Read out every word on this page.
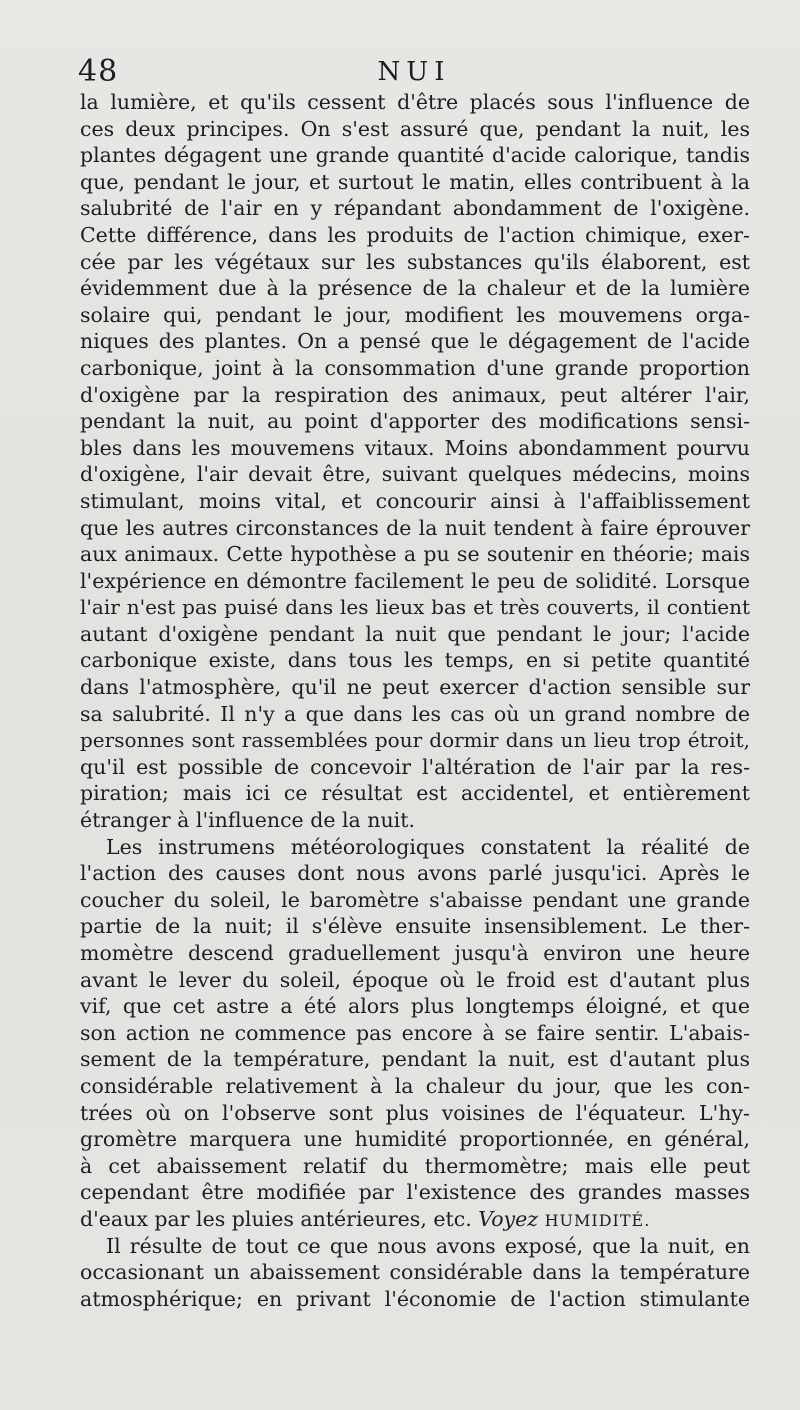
48	NUI
la lumière, et qu'ils cessent d'être placés sous l'influence de
ces deux principes. On s'est assuré que, pendant la nuit, les
plantes dégagent une grande quantité d'acide calorique, tandis
que, pendant le jour, et surtout le matin, elles contribuent à la
salubrité de l'air en y répandant abondamment de l'oxigène.
Cette différence, dans les produits de l'action chimique, exer-
cée par les végétaux sur les substances qu'ils élaborent, est
évidemment due à la présence de la chaleur et de la lumière
solaire qui, pendant le jour, modifient les mouvemens orga-
niques des plantes. On a pensé que le dégagement de l'acide
carbonique, joint à la consommation d'une grande proportion
d'oxigène par la respiration des animaux, peut altérer l'air,
pendant la nuit, au point d'apporter des modifications sensi-
bles dans les mouvemens vitaux. Moins abondamment pourvu
d'oxigène, l'air devait être, suivant quelques médecins, moins
stimulant, moins vital, et concourir ainsi à l'affaiblissement
que les autres circonstances de la nuit tendent à faire éprouver
aux animaux. Cette hypothèse a pu se soutenir en théorie; mais
l'expérience en démontre facilement le peu de solidité. Lorsque
l'air n'est pas puisé dans les lieux bas et très couverts, il contient
autant d'oxigène pendant la nuit que pendant le jour; l'acide
carbonique existe, dans tous les temps, en si petite quantité
dans l'atmosphère, qu'il ne peut exercer d'action sensible sur
sa salubrité. Il n'y a que dans les cas où un grand nombre de
personnes sont rassemblées pour dormir dans un lieu trop étroit,
qu'il est possible de concevoir l'altération de l'air par la res-
piration; mais ici ce résultat est accidentel, et entièrement
étranger à l'influence de la nuit.
Les instrumens météorologiques constatent la réalité de
l'action des causes dont nous avons parlé jusqu'ici. Après le
coucher du soleil, le baromètre s'abaisse pendant une grande
partie de la nuit; il s'élève ensuite insensiblement. Le ther-
momètre descend graduellement jusqu'à environ une heure
avant le lever du soleil, époque où le froid est d'autant plus
vif, que cet astre a été alors plus longtemps éloigné, et que
son action ne commence pas encore à se faire sentir. L'abais-
sement de la température, pendant la nuit, est d'autant plus
considérable relativement à la chaleur du jour, que les con-
trées où on l'observe sont plus voisines de l'équateur. L'hy-
gromètre marquera une humidité proportionnée, en général,
à cet abaissement relatif du thermomètre; mais elle peut
cependant être modifiée par l'existence des grandes masses
d'eaux par les pluies antérieures, etc. Voyez HUMIDITÉ.
Il résulte de tout ce que nous avons exposé, que la nuit, en
occasionant un abaissement considérable dans la température
atmosphérique; en privant l'économie de l'action stimulante
